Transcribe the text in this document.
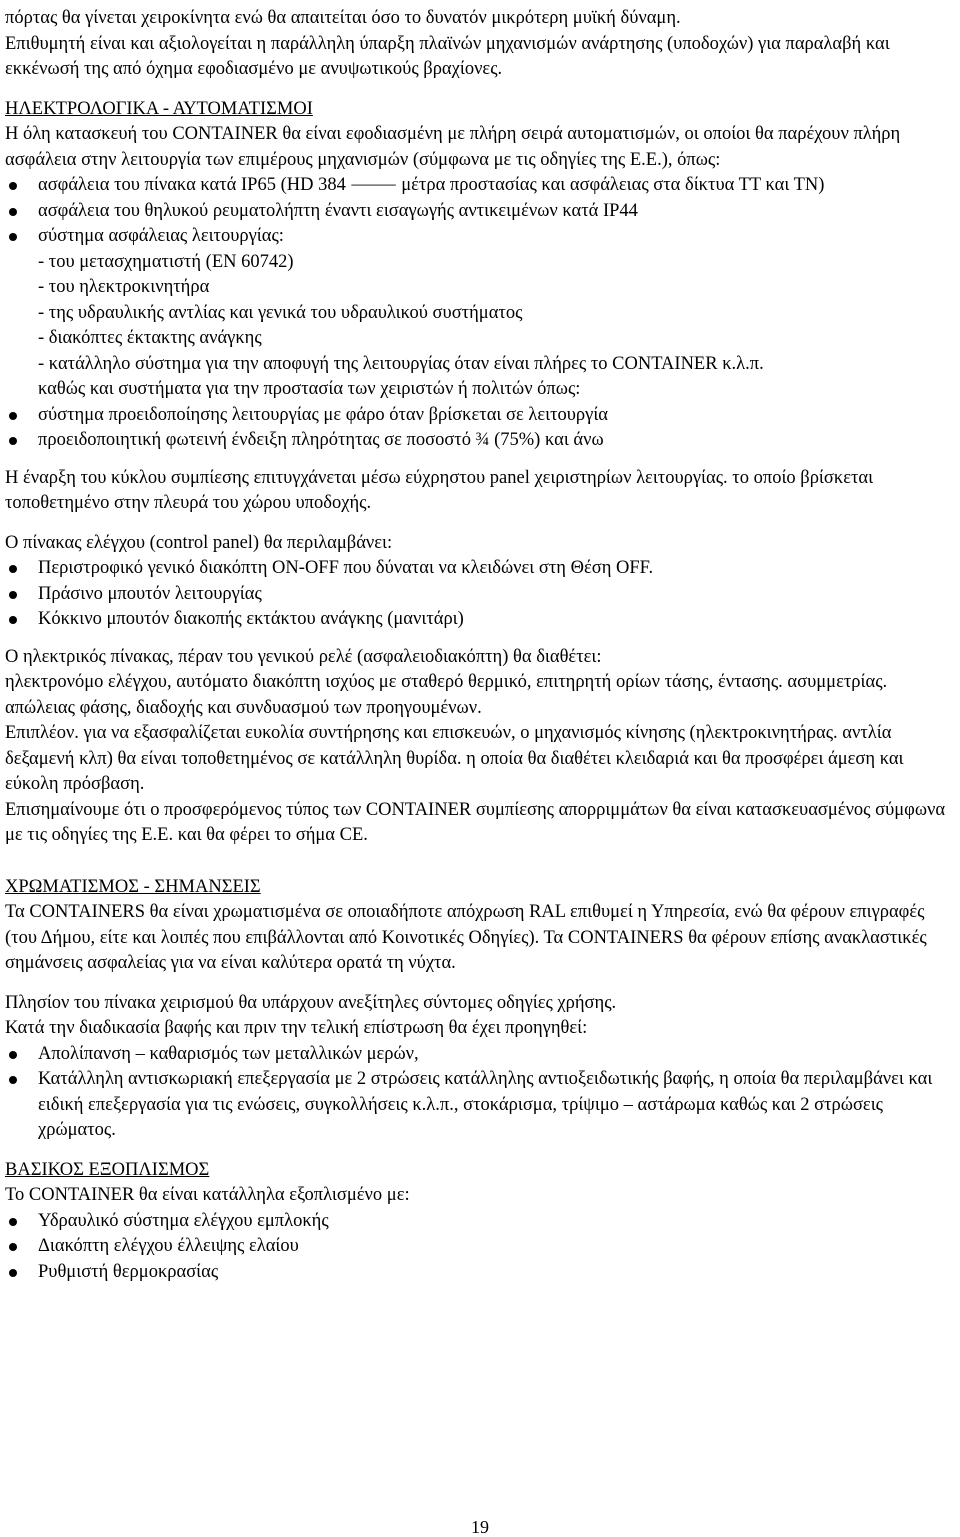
πόρτας θα γίνεται χειροκίνητα ενώ θα απαιτείται όσο το δυνατόν μικρότερη μυϊκή δύναμη.

Επιθυμητή είναι και αξιολογείται η παράλληλη ύπαρξη πλαϊνών μηχανισμών ανάρτησης (υποδοχών) για παραλαβή και εκκένωσή της από όχημα εφοδιασμένο με ανυψωτικούς βραχίονες.

ΗΛΕΚΤΡΟΛΟΓΙΚΑ - ΑΥΤΟΜΑΤΙΣΜΟΙ

Η όλη κατασκευή του CONTAINER θα είναι εφοδιασμένη με πλήρη σειρά αυτοματισμών, οι οποίοι θα παρέχουν πλήρη ασφάλεια στην λειτουργία των επιμέρους μηχανισμών (σύμφωνα με τις οδηγίες της Ε.Ε.), όπως:

ασφάλεια του πίνακα κατά IP65 (HD 384 ⸻ μέτρα προστασίας και ασφάλειας στα δίκτυα ΤΤ και ΤΝ)
ασφάλεια του θηλυκού ρευματολήπτη έναντι εισαγωγής αντικειμένων κατά IP44
σύστημα ασφάλειας λειτουργίας:

- του μετασχηματιστή (EN 60742)

- του ηλεκτροκινητήρα

- της υδραυλικής αντλίας και γενικά του υδραυλικού συστήματος

- διακόπτες έκτακτης ανάγκης

- κατάλληλο σύστημα για την αποφυγή της λειτουργίας όταν είναι πλήρες το CONTAINER κ.λ.π.

καθώς και συστήματα για την προστασία των χειριστών ή πολιτών όπως:

σύστημα προειδοποίησης λειτουργίας με φάρο όταν βρίσκεται σε λειτουργία
προειδοποιητική φωτεινή ένδειξη πληρότητας σε ποσοστό ¾ (75%) και άνω

Η έναρξη του κύκλου συμπίεσης επιτυγχάνεται μέσω εύχρηστου panel χειριστηρίων λειτουργίας. το οποίο βρίσκεται τοποθετημένο στην πλευρά του χώρου υποδοχής.

Ο πίνακας ελέγχου (control panel) θα περιλαμβάνει:

Περιστροφικό γενικό διακόπτη ON-OFF που δύναται να κλειδώνει στη Θέση OFF.
Πράσινο μπουτόν λειτουργίας
Κόκκινο μπουτόν διακοπής εκτάκτου ανάγκης (μανιτάρι)

Ο ηλεκτρικός πίνακας, πέραν του γενικού ρελέ (ασφαλειοδιακόπτη) θα διαθέτει:

ηλεκτρονόμο ελέγχου, αυτόματο διακόπτη ισχύος με σταθερό θερμικό, επιτηρητή ορίων τάσης, έντασης. ασυμμετρίας. απώλειας φάσης, διαδοχής και συνδυασμού των προηγουμένων.

Επιπλέον. για να εξασφαλίζεται ευκολία συντήρησης και επισκευών, ο μηχανισμός κίνησης (ηλεκτροκινητήρας. αντλία δεξαμενή κλπ) θα είναι τοποθετημένος σε κατάλληλη θυρίδα. η οποία θα διαθέτει κλειδαριά και θα προσφέρει άμεση και εύκολη πρόσβαση.

Επισημαίνουμε ότι ο προσφερόμενος τύπος των CONTAINER συμπίεσης απορριμμάτων θα είναι κατασκευασμένος σύμφωνα με τις οδηγίες της Ε.Ε. και θα φέρει το σήμα CE.

ΧΡΩΜΑΤΙΣΜΟΣ - ΣΗΜΑΝΣΕΙΣ

Τα CONTAINERS θα είναι χρωματισμένα σε οποιαδήποτε απόχρωση RAL επιθυμεί η Υπηρεσία, ενώ θα φέρουν επιγραφές (του Δήμου, είτε και λοιπές που επιβάλλονται από Κοινοτικές Οδηγίες). Τα CONTAINERS θα φέρουν επίσης ανακλαστικές σημάνσεις ασφαλείας για να είναι καλύτερα ορατά τη νύχτα.

Πλησίον του πίνακα χειρισμού θα υπάρχουν ανεξίτηλες σύντομες οδηγίες χρήσης.

Κατά την διαδικασία βαφής και πριν την τελική επίστρωση θα έχει προηγηθεί:

Απολίπανση – καθαρισμός των μεταλλικών μερών,
Κατάλληλη αντισκωριακή επεξεργασία με 2 στρώσεις κατάλληλης αντιοξειδωτικής βαφής, η οποία θα περιλαμβάνει και ειδική επεξεργασία για τις ενώσεις, συγκολλήσεις κ.λ.π., στοκάρισμα, τρίψιμο – αστάρωμα καθώς και 2 στρώσεις χρώματος.

ΒΑΣΙΚΟΣ ΕΞΟΠΛΙΣΜΟΣ

Το CONTAINER θα είναι κατάλληλα εξοπλισμένο με:

Υδραυλικό σύστημα ελέγχου εμπλοκής
Διακόπτη ελέγχου έλλειψης ελαίου
Ρυθμιστή θερμοκρασίας
19
